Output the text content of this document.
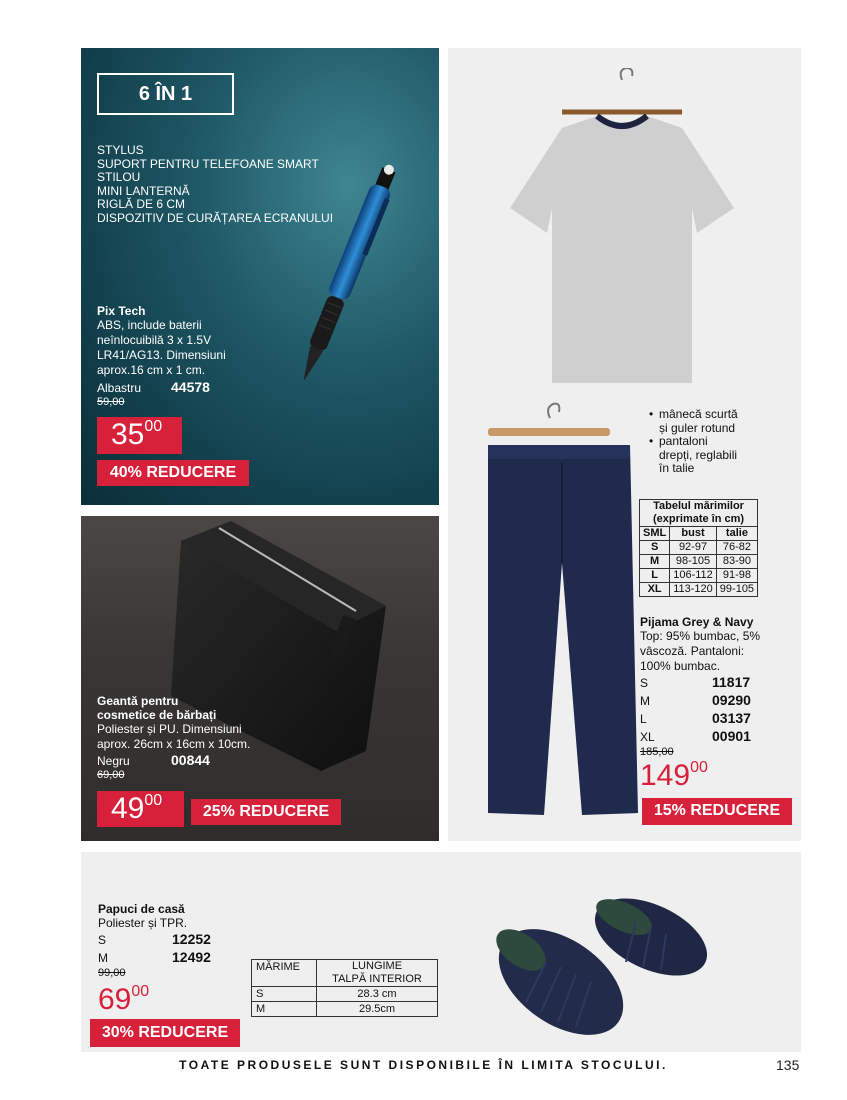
6 ÎN 1
STYLUS
SUPORT PENTRU TELEFOANE SMART
STILOU
MINI LANTERNĂ
RIGLĂ DE 6 CM
DISPOZITIV DE CURĂȚAREA ECRANULUI
Pix Tech
ABS, include baterii
neînlocuibilă 3 x 1.5V
LR41/AG13. Dimensiuni
aprox.16 cm x 1 cm.
Albastru 44578
59,00
3500
40% REDUCERE
Geantă pentru
cosmetice de bărbați
Poliester și PU. Dimensiuni
aprox. 26cm x 16cm x 10cm.
Negru	00844
69,00
4900
25% REDUCERE
• mânecă scurtă
și guler rotund
• pantaloni
drepți, reglabili
în talie
Tabelul mărimilor
(exprimate în cm)		

SML	bust	talie
S	92-97	76-82
M	98-105	83-90
L	106-112	91-98
XL	113-120	99-105
Pijama Grey & Navy
Top: 95% bumbac, 5%
vâscoză. Pantaloni:
100% bumbac.
S	11817
M	09290
L	03137
XL	00901
185,00
14900
15% REDUCERE
Papuci de casă
Poliester și TPR.
S	12252
M	12492
99,00
6900
30% REDUCERE
MĂRIME	LUNGIME
TALPĂ INTERIOR
S	28.3 cm
M	29.5cm
TOATE PRODUSELE SUNT DISPONIBILE ÎN LIMITA STOCULUI.	135
